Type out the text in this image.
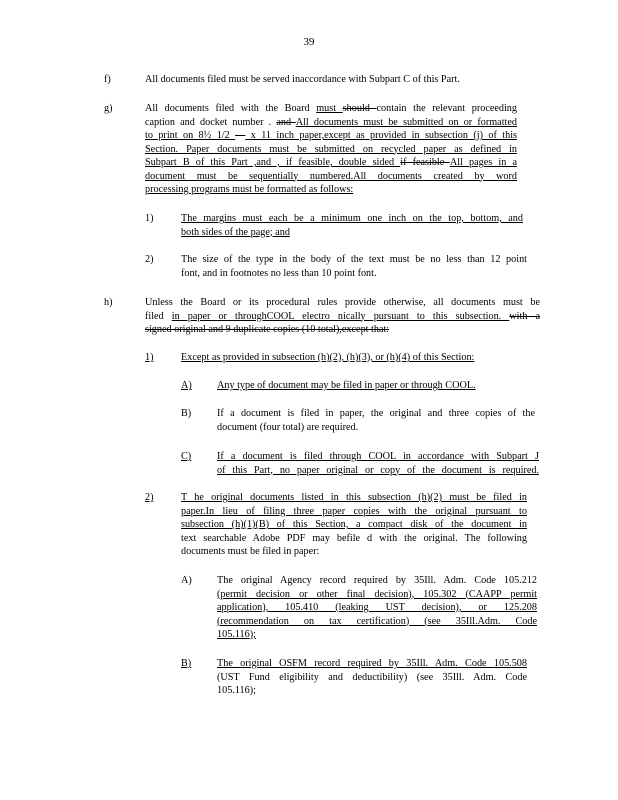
39
f)	All documents filed must be served inaccordance with Subpart C of this Part.
g)	All documents filed with the Board must should contain the relevant proceeding
caption and docket number . and All documents must be submitted on or formatted
to print on 8½ 1/2 — x 11 inch paper,except as provided in subsection (j) of this
Section. Paper documents must be submitted on recycled paper as defined in
Subpart B of this Part ,and , if feasible, double sided if feasible All pages in a
document must be sequentially numbered.All documents created by word
processing programs must be formatted as follows:
1)	The margins must each be a minimum one inch on the top, bottom, and
both sides of the page; and
2)	The size of the type in the body of the text must be no less than 12 point
font, and in footnotes no less than 10 point font.
h)	Unless the Board or its procedural rules provide otherwise, all documents must be
filed in paper or throughCOOL electro nically pursuant to this subsection. with a
signed original and 9 duplicate copies (10 total),except that:
1)	Except as provided in subsection (h)(2), (h)(3), or (h)(4) of this Section:
A) Any type of document may be filed in paper or through COOL.
B)	If a document is filed in paper, the original and three copies of the
document (four total) are required.
C)	If a document is filed through COOL in accordance with Subpart J
of this Part, no paper original or copy of the document is required.
2)	T he original documents listed in this subsection (h)(2) must be filed in
paper.In lieu of filing three paper copies with the original pursuant to
subsection (h)(1)(B) of this Section, a compact disk of the document in
text searchable Adobe PDF may befile d with the original. The following
documents must be filed in paper:
A) The original Agency record required by 35Ill. Adm. Code 105.212
(permit decision or other final decision), 105.302 (CAAPP permit
application), 105.410 (leaking UST decision), or 125.208
(recommendation on tax certification) (see 35Ill.Adm. Code
105.116);
B)	The original OSFM record required by 35Ill. Adm. Code 105.508
(UST Fund eligibility and deductibility) (see 35Ill. Adm. Code
105.116);
